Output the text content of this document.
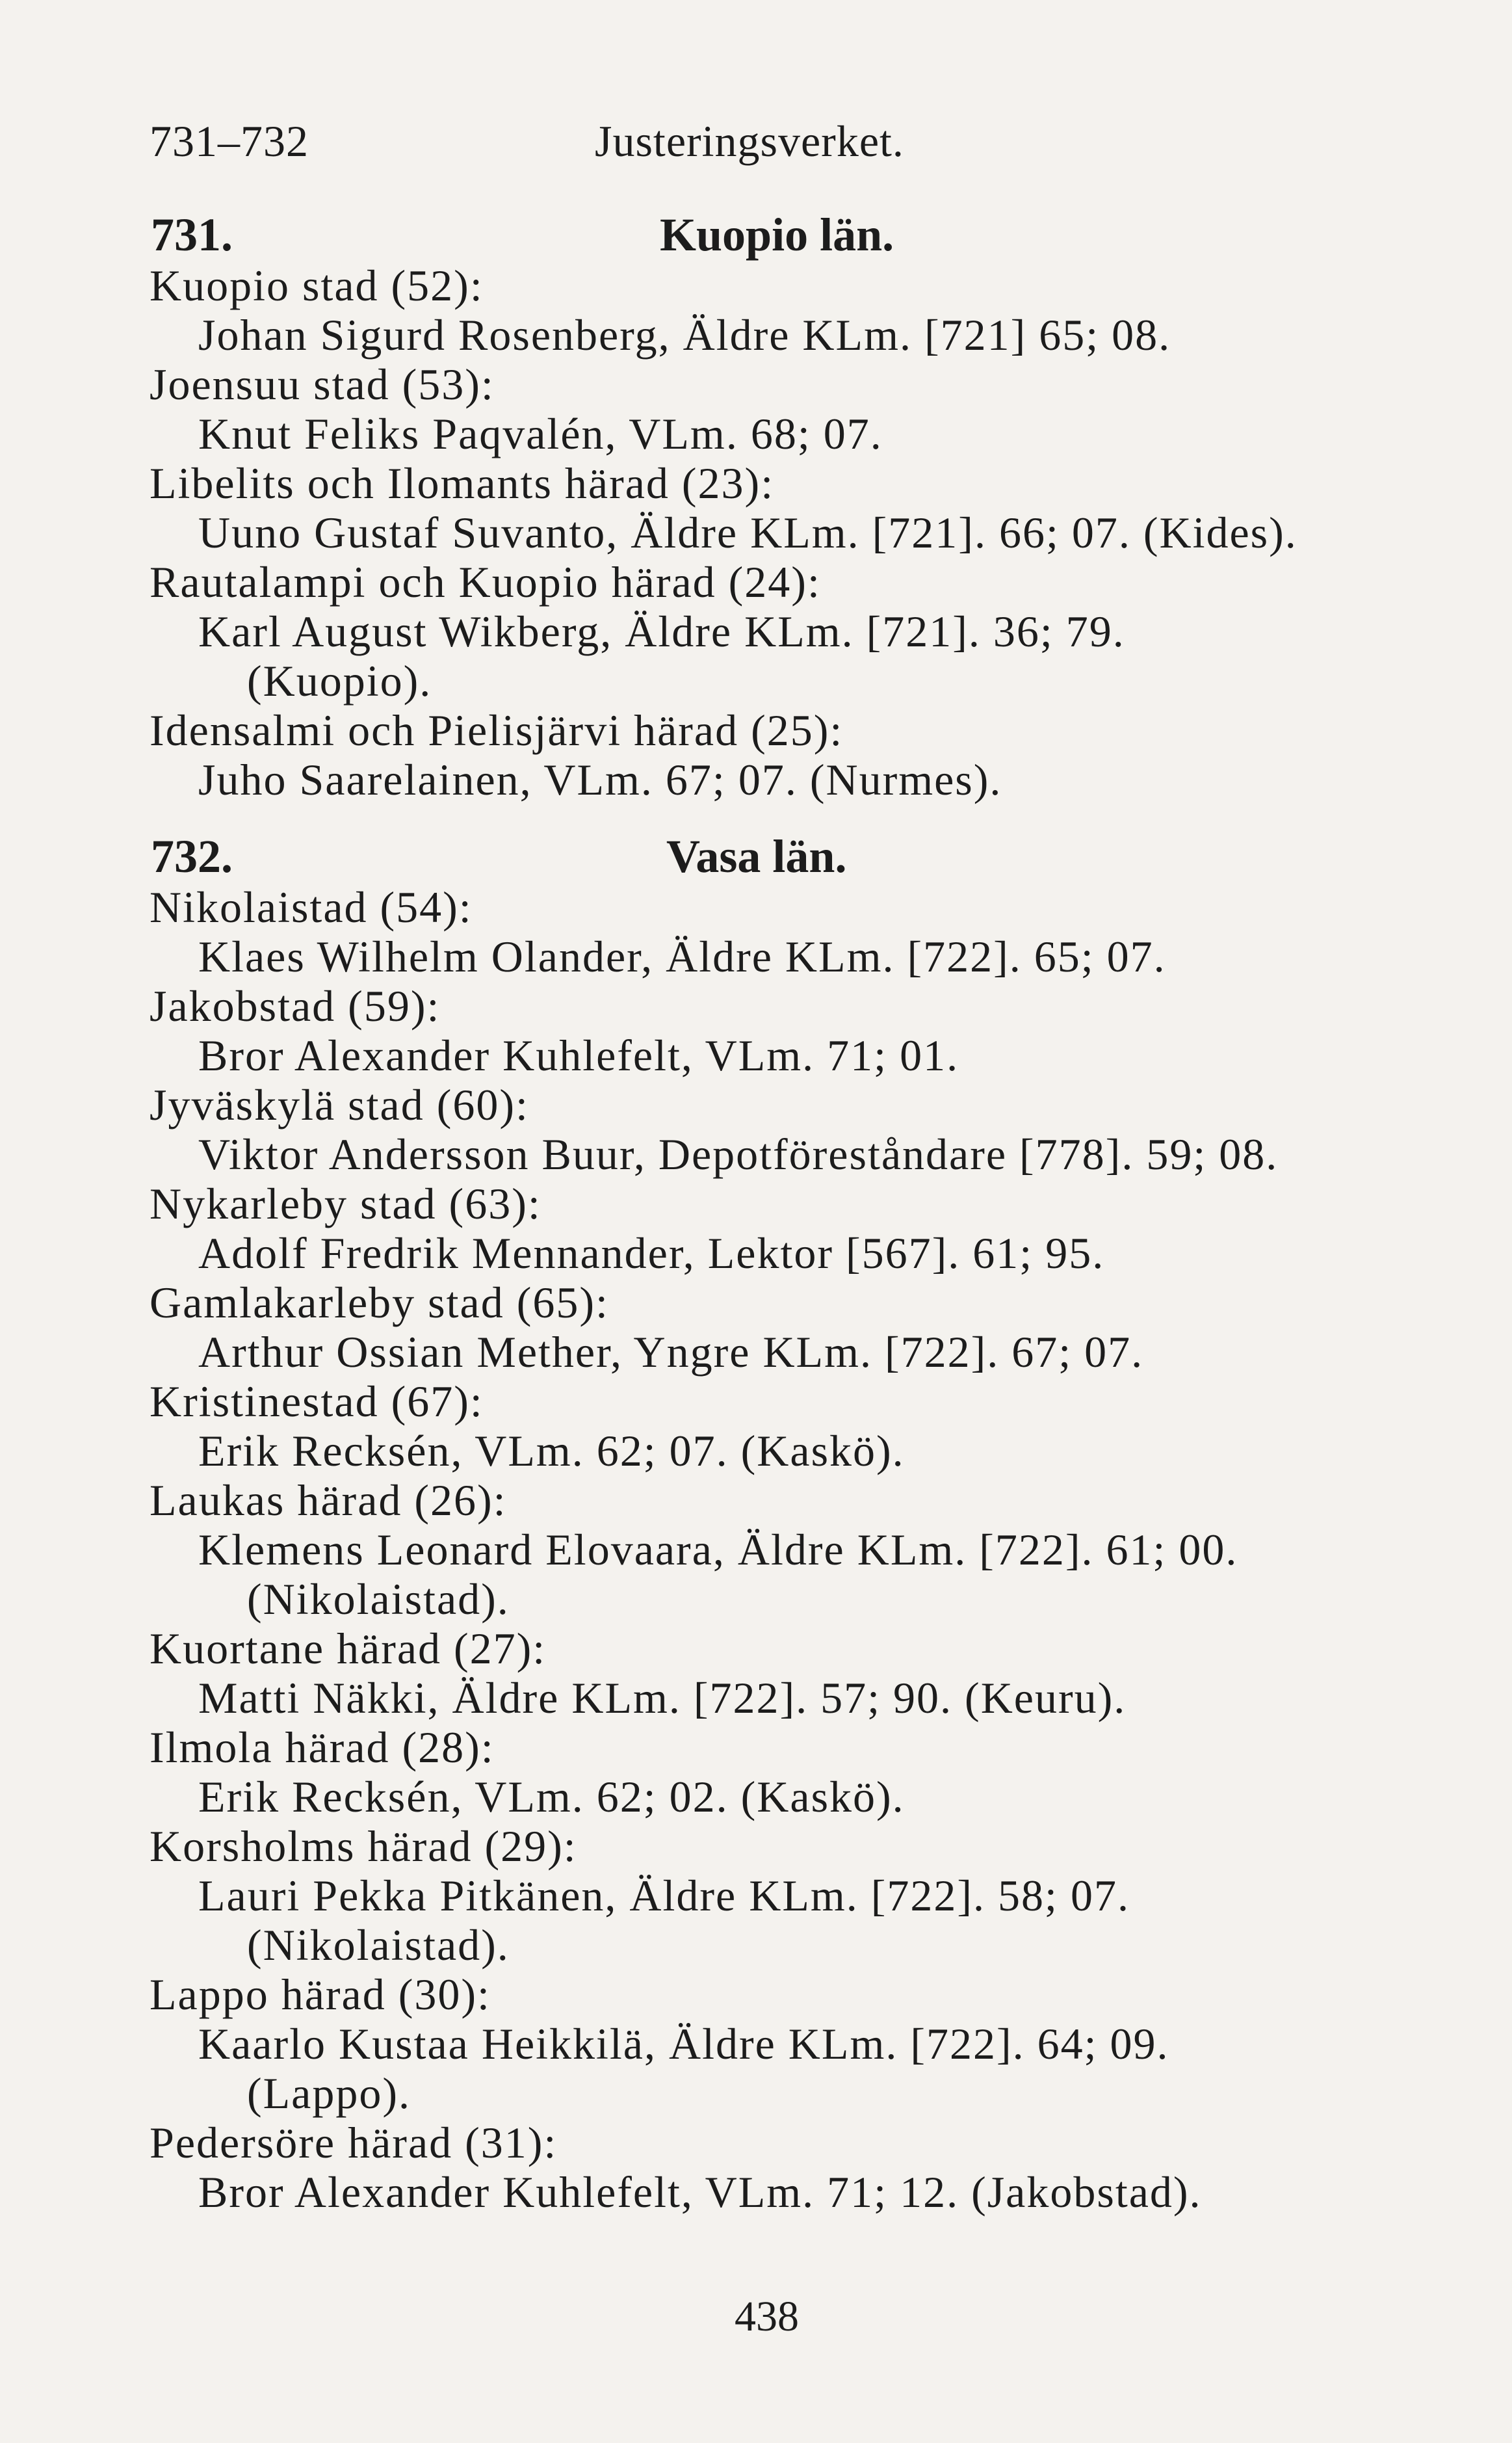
731–732	Justeringsverket.
731.	Kuopio län.
Kuopio stad (52):
Johan Sigurd Rosenberg, Äldre KLm. [721] 65; 08.
Joensuu stad (53):
Knut Feliks Paqvalén, VLm. 68; 07.
Libelits och Ilomants härad (23):
Uuno Gustaf Suvanto, Äldre KLm. [721]. 66; 07. (Kides).
Rautalampi och Kuopio härad (24):
Karl August Wikberg, Äldre KLm. [721]. 36; 79.
(Kuopio).
Idensalmi och Pielisjärvi härad (25):
Juho Saarelainen, VLm. 67; 07. (Nurmes).
732.	Vasa län.
Nikolaistad (54):
Klaes Wilhelm Olander, Äldre KLm. [722]. 65; 07.
Jakobstad (59):
Bror Alexander Kuhlefelt, VLm. 71; 01.
Jyväskylä stad (60):
Viktor Andersson Buur, Depotföreståndare [778]. 59; 08.
Nykarleby stad (63):
Adolf Fredrik Mennander, Lektor [567]. 61; 95.
Gamlakarleby stad (65):
Arthur Ossian Mether, Yngre KLm. [722]. 67; 07.
Kristinestad (67):
Erik Recksén, VLm. 62; 07. (Kaskö).
Laukas härad (26):
Klemens Leonard Elovaara, Äldre KLm. [722]. 61; 00.
(Nikolaistad).
Kuortane härad (27):
Matti Näkki, Äldre KLm. [722]. 57; 90. (Keuru).
Ilmola härad (28):
Erik Recksén, VLm. 62; 02. (Kaskö).
Korsholms härad (29):
Lauri Pekka Pitkänen, Äldre KLm. [722]. 58; 07.
(Nikolaistad).
Lappo härad (30):
Kaarlo Kustaa Heikkilä, Äldre KLm. [722]. 64; 09.
(Lappo).
Pedersöre härad (31):
Bror Alexander Kuhlefelt, VLm. 71; 12. (Jakobstad).
438
